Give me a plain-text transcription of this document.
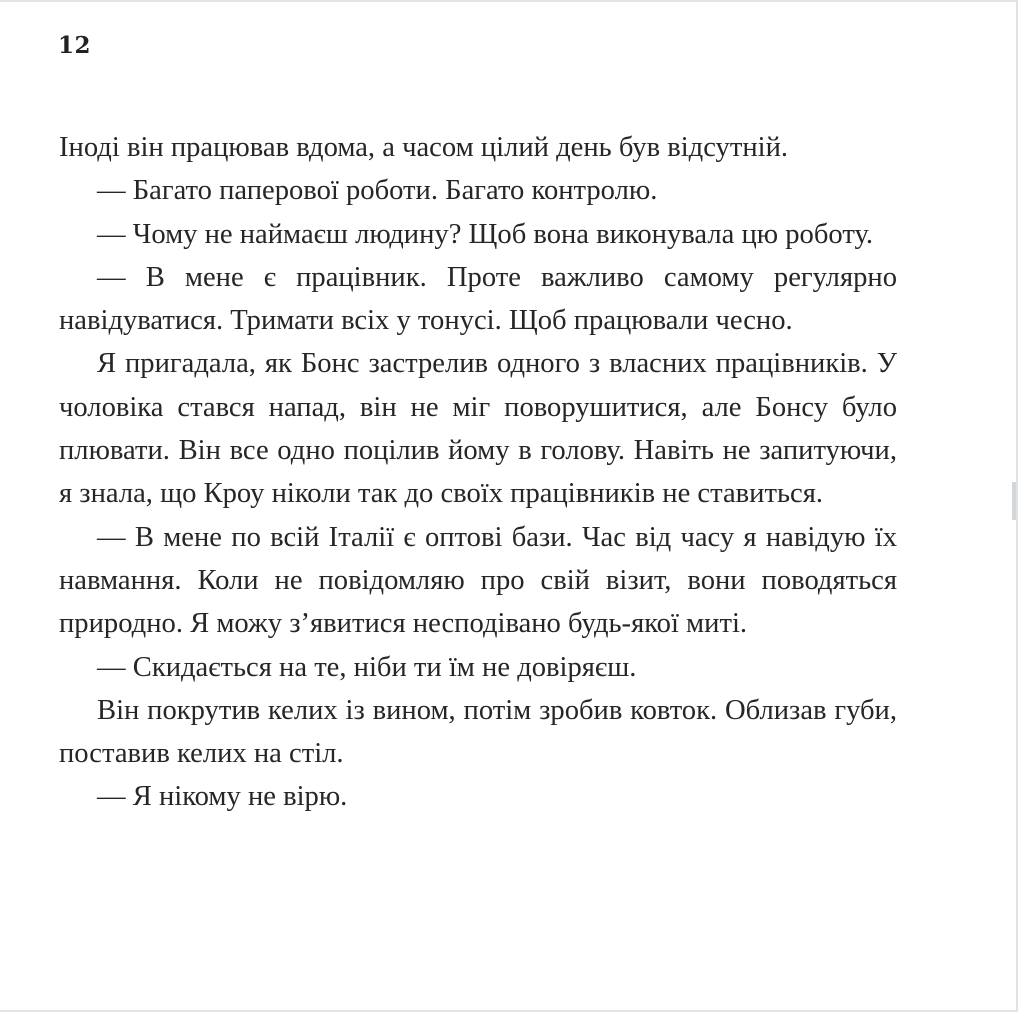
12

Іноді він працював вдома, а часом цілий день був відсутній.

— Багато паперової роботи. Багато контролю.

— Чому не наймаєш людину? Щоб вона виконувала цю роботу.

— В мене є працівник. Проте важливо самому регулярно навідуватися. Тримати всіх у тонусі. Щоб працювали чесно.

Я пригадала, як Бонс застрелив одного з власних працівників. У чоловіка стався напад, він не міг поворушитися, але Бонсу було плювати. Він все одно поцілив йому в голову. Навіть не запитуючи, я знала, що Кроу ніколи так до своїх працівників не ставиться.

— В мене по всій Італії є оптові бази. Час від часу я навідую їх навмання. Коли не повідомляю про свій візит, вони поводяться природно. Я можу з’явитися несподівано будь-якої миті.

— Скидається на те, ніби ти їм не довіряєш.

Він покрутив келих із вином, потім зробив ковток. Облизав губи, поставив келих на стіл.

— Я нікому не вірю.
